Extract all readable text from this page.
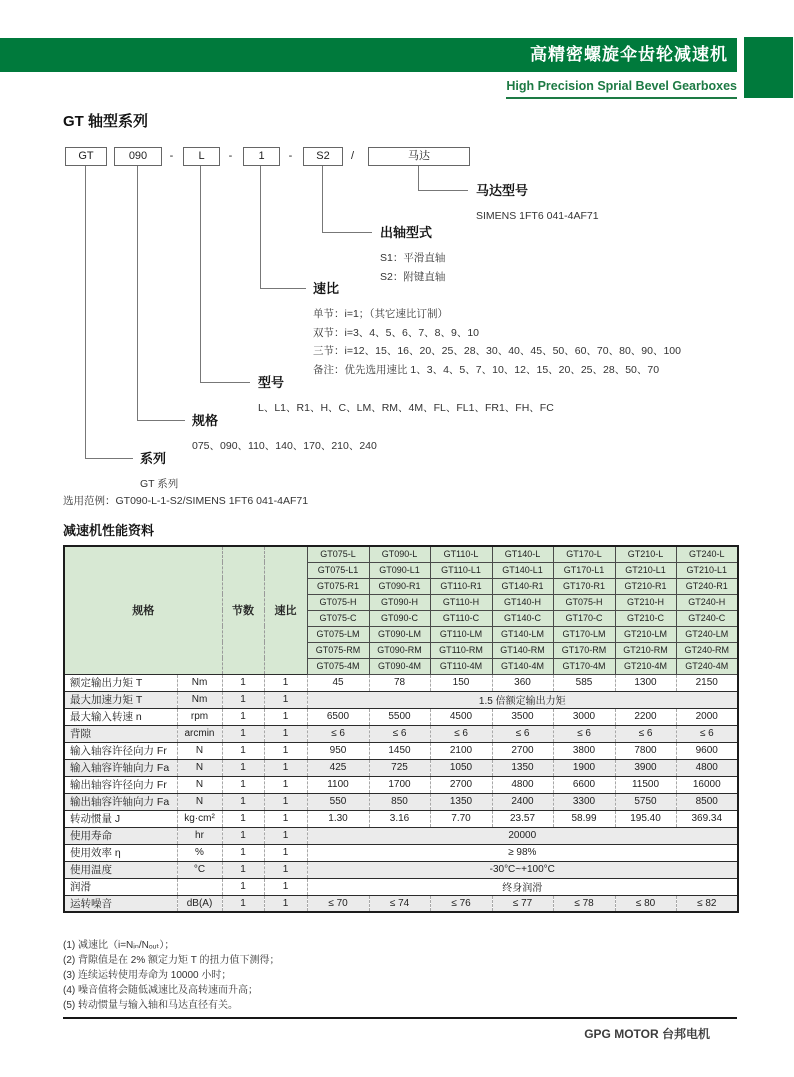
高精密螺旋伞齿轮减速机
High Precision Sprial Bevel Gearboxes
GT 轴型系列
GT	090	-	L	-	1	-	S2	/	马达
马达型号
SIMENS 1FT6 041-4AF71
出轴型式
S1：平滑直轴
S2：附键直轴
速比
单节：i=1；（其它速比订制）
双节：i=3、4、5、6、7、8、9、10
三节：i=12、15、16、20、25、28、30、40、45、50、60、70、80、90、100
备注：优先选用速比 1、3、4、5、7、10、12、15、20、25、28、50、70
型号
L、L1、R1、H、C、LM、RM、4M、FL、FL1、FR1、FH、FC
规格
075、090、110、140、170、210、240
系列
GT 系列
选用范例：GT090-L-1-S2/SIMENS 1FT6 041-4AF71
减速机性能资料
规格		节数	速比	GT075-L	GT090-L	GT110-L	GT140-L	GT170-L	GT210-L	GT240-L
				GT075-L1	GT090-L1	GT110-L1	GT140-L1	GT170-L1	GT210-L1	GT210-L1
				GT075-R1	GT090-R1	GT110-R1	GT140-R1	GT170-R1	GT210-R1	GT240-R1
				GT075-H	GT090-H	GT110-H	GT140-H	GT075-H	GT210-H	GT240-H
				GT075-C	GT090-C	GT110-C	GT140-C	GT170-C	GT210-C	GT240-C
				GT075-LM	GT090-LM	GT110-LM	GT140-LM	GT170-LM	GT210-LM	GT240-LM
				GT075-RM	GT090-RM	GT110-RM	GT140-RM	GT170-RM	GT210-RM	GT240-RM
				GT075-4M	GT090-4M	GT110-4M	GT140-4M	GT170-4M	GT210-4M	GT240-4M
额定输出力矩 T	Nm	1	1	45	78	150	360	585	1300	2150
最大加速力矩 T	Nm	1	1	1.5 倍额定输出力矩						
最大输入转速 n	rpm	1	1	6500	5500	4500	3500	3000	2200	2000
背隙	arcmin	1	1	≤ 6	≤ 6	≤ 6	≤ 6	≤ 6	≤ 6	≤ 6
输入轴容许径向力 Fr	N	1	1	950	1450	2100	2700	3800	7800	9600
输入轴容许轴向力 Fa	N	1	1	425	725	1050	1350	1900	3900	4800
输出轴容许径向力 Fr	N	1	1	1100	1700	2700	4800	6600	11500	16000
输出轴容许轴向力 Fa	N	1	1	550	850	1350	2400	3300	5750	8500
转动惯量 J	kg·cm²	1	1	1.30	3.16	7.70	23.57	58.99	195.40	369.34
使用寿命	hr	1	1	20000						
使用效率 η	%	1	1	≥ 98%						
使用温度	°C	1	1	-30°C~+100°C						
润滑		1	1	终身润滑						
运转噪音	dB(A)	1	1	≤ 70	≤ 74	≤ 76	≤ 77	≤ 78	≤ 80	≤ 82
(1) 减速比（i=Nᵢₙ/Nₒᵤₜ）；
(2) 背隙值是在 2% 额定力矩 T 的扭力值下测得；
(3) 连续运转使用寿命为 10000 小时；
(4) 噪音值将会随低减速比及高转速而升高；
(5) 转动惯量与输入轴和马达直径有关。
GPG MOTOR 台邦电机
